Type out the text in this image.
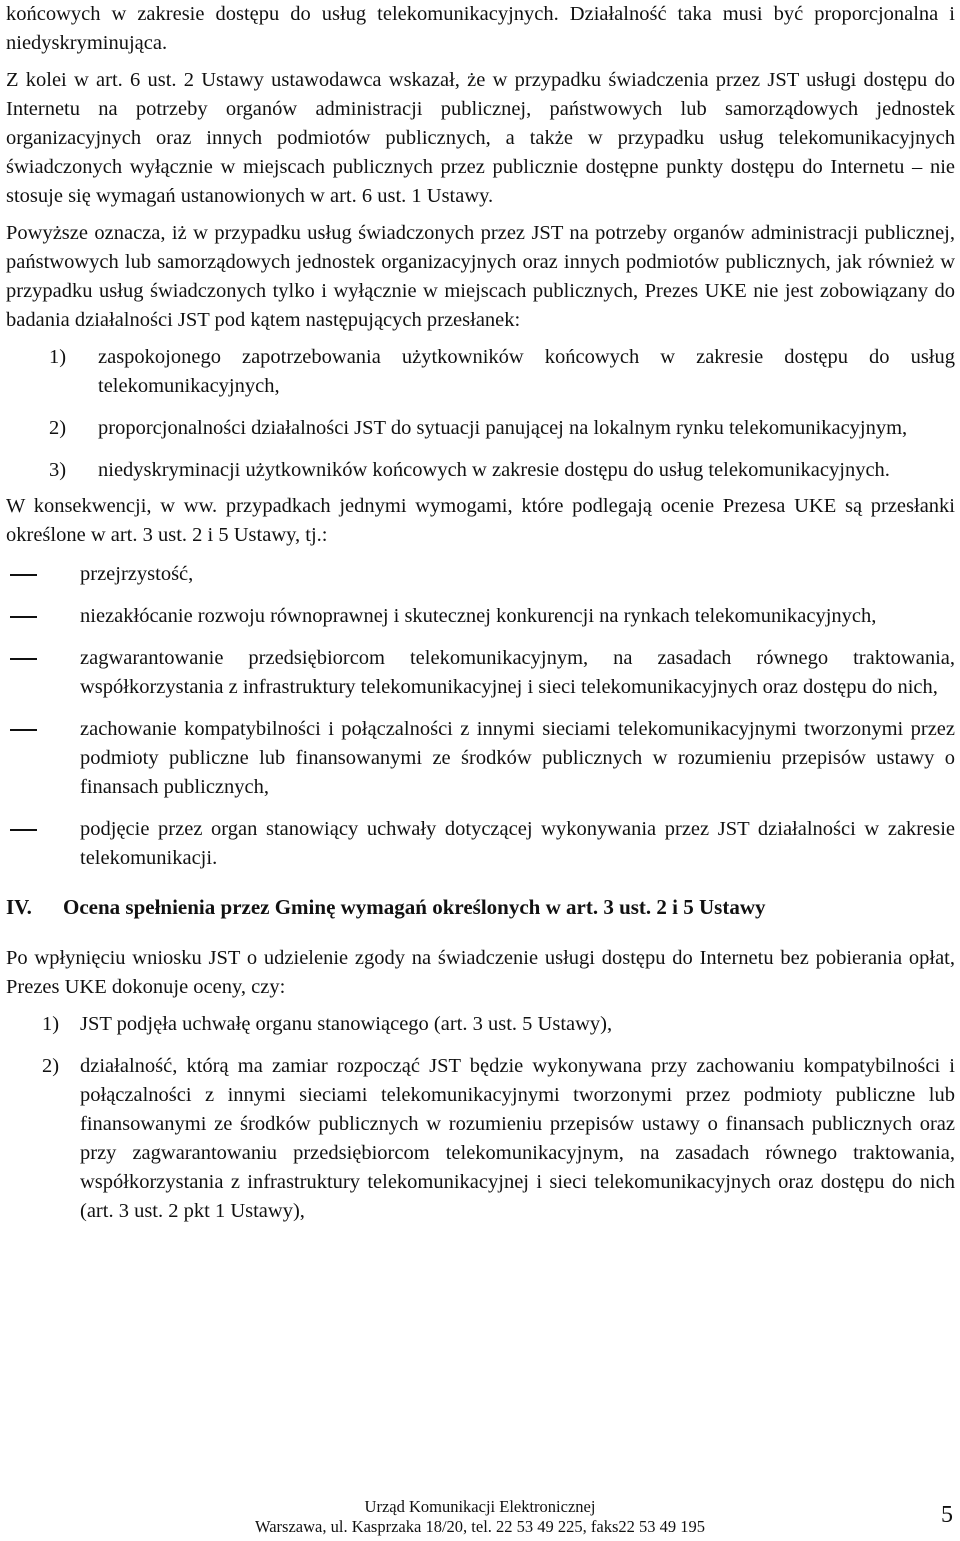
końcowych w zakresie dostępu do usług telekomunikacyjnych. Działalność taka musi być proporcjonalna i niedyskryminująca.

Z kolei w art. 6 ust. 2 Ustawy ustawodawca wskazał, że w przypadku świadczenia przez JST usługi dostępu do Internetu na potrzeby organów administracji publicznej, państwowych lub samorządowych jednostek organizacyjnych oraz innych podmiotów publicznych, a także w przypadku usług telekomunikacyjnych świadczonych wyłącznie w miejscach publicznych przez publicznie dostępne punkty dostępu do Internetu – nie stosuje się wymagań ustanowionych w art. 6 ust. 1 Ustawy.

Powyższe oznacza, iż w przypadku usług świadczonych przez JST na potrzeby organów administracji publicznej, państwowych lub samorządowych jednostek organizacyjnych oraz innych podmiotów publicznych, jak również w przypadku usług świadczonych tylko i wyłącznie w miejscach publicznych, Prezes UKE nie jest zobowiązany do badania działalności JST pod kątem następujących przesłanek:

1) zaspokojonego zapotrzebowania użytkowników końcowych w zakresie dostępu do usług telekomunikacyjnych,
2) proporcjonalności działalności JST do sytuacji panującej na lokalnym rynku telekomunikacyjnym,
3) niedyskryminacji użytkowników końcowych w zakresie dostępu do usług telekomunikacyjnych.

W konsekwencji, w ww. przypadkach jednymi wymogami, które podlegają ocenie Prezesa UKE są przesłanki określone w art. 3 ust. 2 i 5 Ustawy, tj.:

przejrzystość,
niezakłócanie rozwoju równoprawnej i skutecznej konkurencji na rynkach telekomunikacyjnych,
zagwarantowanie przedsiębiorcom telekomunikacyjnym, na zasadach równego traktowania, współkorzystania z infrastruktury telekomunikacyjnej i sieci telekomunikacyjnych oraz dostępu do nich,
zachowanie kompatybilności i połączalności z innymi sieciami telekomunikacyjnymi tworzonymi przez podmioty publiczne lub finansowanymi ze środków publicznych w rozumieniu przepisów ustawy o finansach publicznych,
podjęcie przez organ stanowiący uchwały dotyczącej wykonywania przez JST działalności w zakresie telekomunikacji.
IV. Ocena spełnienia przez Gminę wymagań określonych w art. 3 ust. 2 i 5 Ustawy

Po wpłynięciu wniosku JST o udzielenie zgody na świadczenie usługi dostępu do Internetu bez pobierania opłat, Prezes UKE dokonuje oceny, czy:

1) JST podjęła uchwałę organu stanowiącego (art. 3 ust. 5 Ustawy),
2) działalność, którą ma zamiar rozpocząć JST będzie wykonywana przy zachowaniu kompatybilności i połączalności z innymi sieciami telekomunikacyjnymi tworzonymi przez podmioty publiczne lub finansowanymi ze środków publicznych w rozumieniu przepisów ustawy o finansach publicznych oraz przy zagwarantowaniu przedsiębiorcom telekomunikacyjnym, na zasadach równego traktowania, współkorzystania z infrastruktury telekomunikacyjnej i sieci telekomunikacyjnych oraz dostępu do nich (art. 3 ust. 2 pkt 1 Ustawy),
Urząd Komunikacji Elektronicznej
Warszawa, ul. Kasprzaka 18/20, tel. 22 53 49 225, faks22 53 49 195	5
